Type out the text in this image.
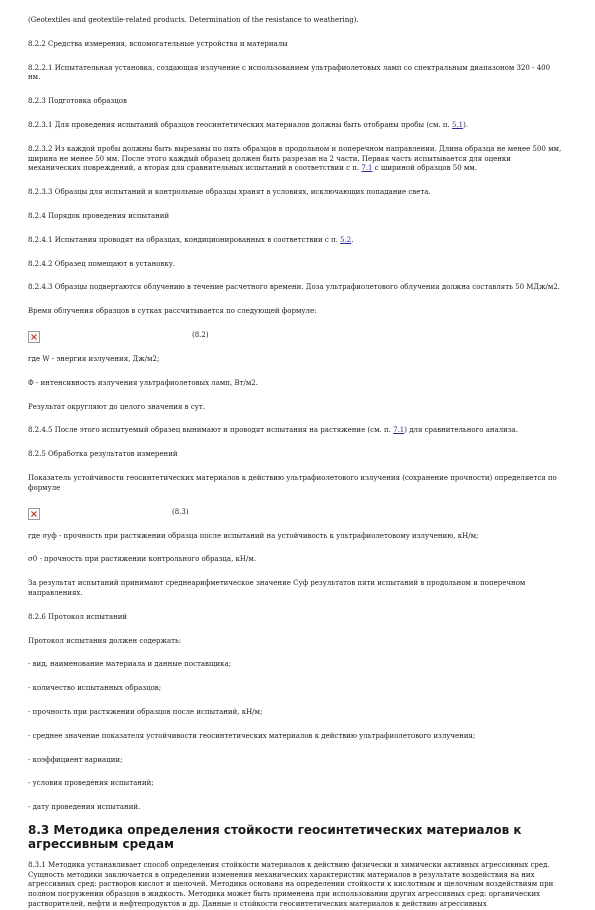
(Geotextiles and geotextile-related products. Determination of the resistance to weathering).

8.2.2 Средства измерения, вспомогательные устройства и материалы

8.2.2.1 Испытательная установка, создающая излучение с использованием ультрафиолетовых ламп со спектральным диапазоном 320 - 400 нм.

8.2.3 Подготовка образцов

8.2.3.1 Для проведения испытаний образцов геосинтетических материалов должны быть отобраны пробы (см. п. 5.1).

8.2.3.2 Из каждой пробы должны быть вырезаны по пять образцов в продольном и поперечном направлении. Длина образца не менее 500 мм, ширина не менее 50 мм. После этого каждый образец должен быть разрезан на 2 части. Первая часть испытывается для оценки механических повреждений, а вторая для сравнительных испытаний в соответствии с п. 7.1 с шириной образцов 50 мм.

8.2.3.3 Образцы для испытаний и контрольные образцы хранят в условиях, исключающих попадание света.

8.2.4 Порядок проведения испытаний

8.2.4.1 Испытания проводят на образцах, кондиционированных в соответствии с п. 5.2.

8.2.4.2 Образец помещают в установку.

8.2.4.3 Образцы подвергаются облучению в течение расчетного времени. Доза ультрафиолетового облучения должна составлять 50 МДж/м2.

Время облучения образцов в сутках рассчитывается по следующей формуле:

(8.2)

где W - энергия излучения, Дж/м2;

Ф - интенсивность излучения ультрафиолетовых ламп, Вт/м2.

Результат округляют до целого значения в сут.

8.2.4.5 После этого испытуемый образец вынимают и проводят испытания на растяжение (см. п. 7.1) для сравнительного анализа.

8.2.5 Обработка результатов измерений

Показатель устойчивости геосинтетических материалов к действию ультрафиолетового излучения (сохранение прочности) определяется по формуле

(8.3)

где σуф - прочность при растяжении образца после испытаний на устойчивость к ультрафиолетовому излучению, кН/м;

σ0 - прочность при растяжении контрольного образца, кН/м.

За результат испытаний принимают среднеарифметическое значение Суф результатов пяти испытаний в продольном и поперечном направлениях.

8.2.6 Протокол испытаний

Протокол испытания должен содержать:

- вид, наименование материала и данные поставщика;

- количество испытанных образцов;

- прочность при растяжении образцов после испытаний, кН/м;

- среднее значение показателя устойчивости геосинтетических материалов к действию ультрафиолетового излучения;

- коэффициент вариации;

- условия проведения испытаний;

- дату проведения испытаний.

8.3 Методика определения стойкости геосинтетических материалов к агрессивным средам

8.3.1 Методика устанавливает способ определения стойкости материалов к действию физически и химически активных агрессивных сред. Сущность методики заключается в определении изменения механических характеристик материалов в результате воздействия на них агрессивных сред: растворов кислот и щелочей. Методика основана на определении стойкости к кислотным и щелочным воздействиям при полном погружении образцов в жидкость. Методика может быть применена при использовании других агрессивных сред: органических растворителей, нефти и нефтепродуктов и др. Данные о стойкости геосинтетических материалов к действию агрессивных
